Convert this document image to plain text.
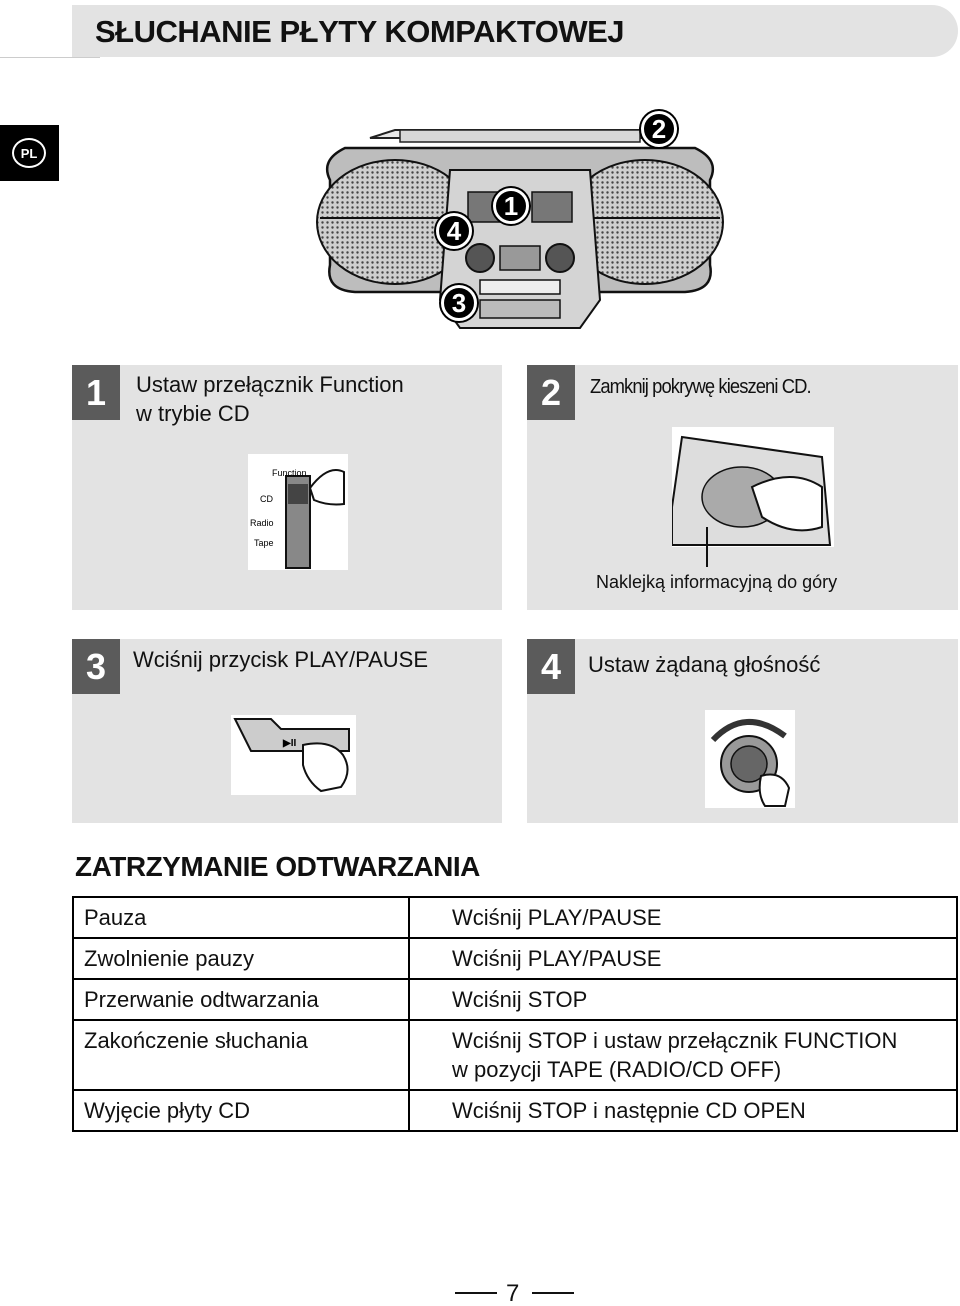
SŁUCHANIE PŁYTY KOMPAKTOWEJ
PL
1
2
3
4
1	Ustaw przełącznik Function
w trybie CD
Function
CD
Radio
Tape
2	Zamknij pokrywę kieszeni CD.
Naklejką informacyjną do góry
3	Wciśnij przycisk PLAY/PAUSE
▶II
4	Ustaw żądaną głośność
ZATRZYMANIE ODTWARZANIA
Pauza	Wciśnij PLAY/PAUSE

Zwolnienie pauzy	Wciśnij PLAY/PAUSE

Przerwanie odtwarzania	Wciśnij STOP

Zakończenie słuchania	Wciśnij STOP i ustaw przełącznik FUNCTION
w pozycji TAPE (RADIO/CD OFF)

Wyjęcie płyty CD	Wciśnij STOP i następnie CD OPEN
7
